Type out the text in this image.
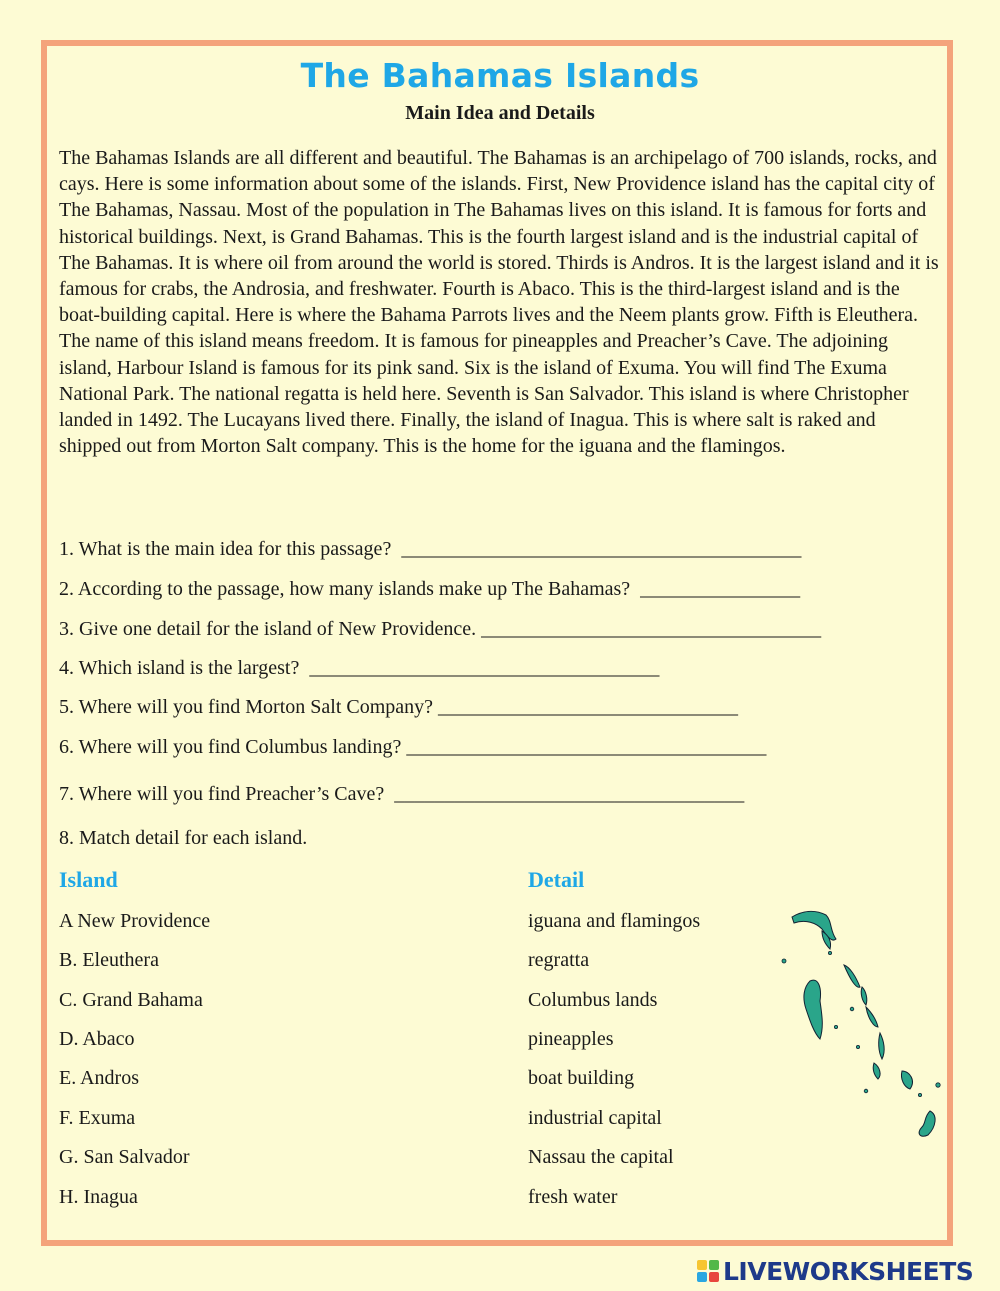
The Bahamas Islands
Main Idea and Details

The Bahamas Islands are all different and beautiful. The Bahamas is an archipelago of 700 islands, rocks, and cays. Here is some information about some of the islands. First, New Providence island has the capital city of The Bahamas, Nassau. Most of the population in The Bahamas lives on this island. It is famous for forts and historical buildings. Next, is Grand Bahamas. This is the fourth largest island and is the industrial capital of The Bahamas. It is where oil from around the world is stored. Thirds is Andros. It is the largest island and it is famous for crabs, the Androsia, and freshwater. Fourth is Abaco. This is the third-largest island and is the boat-building capital. Here is where the Bahama Parrots lives and the Neem plants grow. Fifth is Eleuthera. The name of this island means freedom. It is famous for pineapples and Preacher’s Cave. The adjoining island, Harbour Island is famous for its pink sand. Six is the island of Exuma. You will find The Exuma National Park. The national regatta is held here. Seventh is San Salvador. This island is where Christopher landed in 1492. The Lucayans lived there. Finally, the island of Inagua. This is where salt is raked and shipped out from Morton Salt company. This is the home for the iguana and the flamingos.

1. What is the main idea for this passage?  ________________________________________
2. According to the passage, how many islands make up The Bahamas?  ________________
3. Give one detail for the island of New Providence. __________________________________
4. Which island is the largest?  ___________________________________
5. Where will you find Morton Salt Company? ______________________________
6. Where will you find Columbus landing? ____________________________________
7. Where will you find Preacher’s Cave?  ___________________________________
8. Match detail for each island.
Island	Detail
A New Providence
B. Eleuthera
C. Grand Bahama
D. Abaco
E. Andros
F. Exuma
G. San Salvador
H. Inagua
iguana and flamingos
regratta
Columbus lands
pineapples
boat building
industrial capital
Nassau the capital
fresh water
LIVEWORKSHEETS
